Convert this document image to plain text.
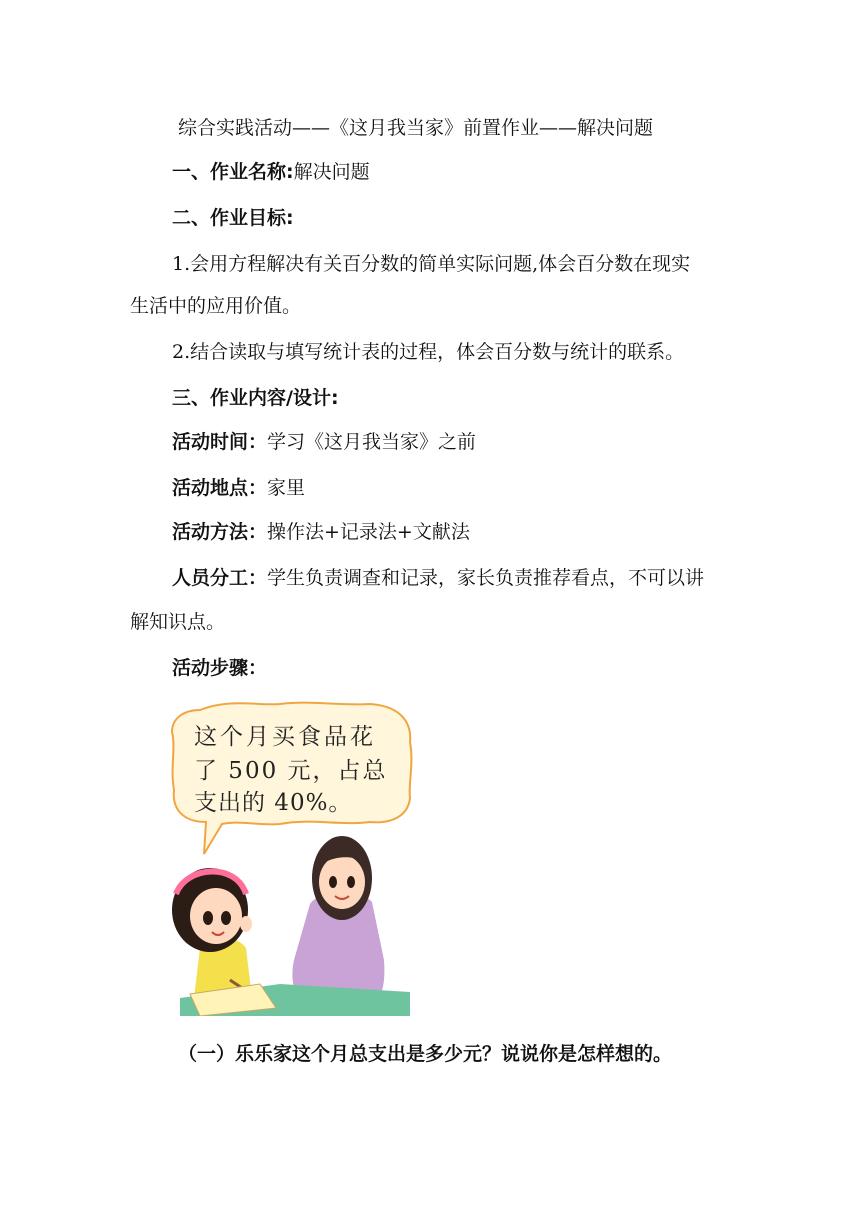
综合实践活动——《这月我当家》前置作业——解决问题
一、作业名称:解决问题
二、作业目标:
1.会用方程解决有关百分数的简单实际问题,体会百分数在现实
生活中的应用价值。
2.结合读取与填写统计表的过程，体会百分数与统计的联系。
三、作业内容/设计:
活动时间：学习《这月我当家》之前
活动地点：家里
活动方法：操作法+记录法+文献法
人员分工：学生负责调查和记录，家长负责推荐看点，不可以讲
解知识点。
活动步骤：
这个月买食品花
了 500 元，占总
支出的 40%。
（一）乐乐家这个月总支出是多少元？说说你是怎样想的。
